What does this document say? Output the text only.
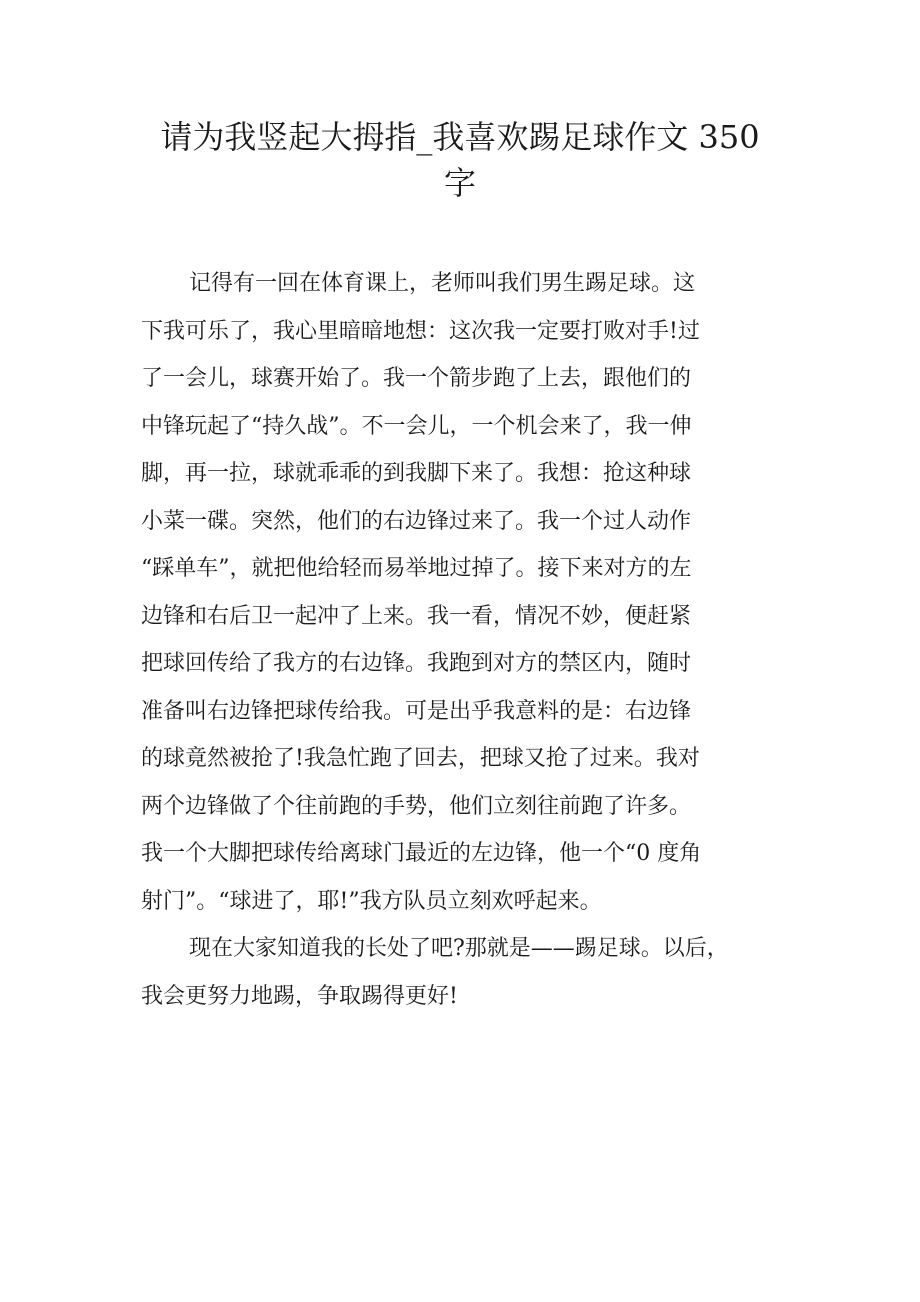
请为我竖起大拇指_我喜欢踢足球作文 350
字
记得有一回在体育课上，老师叫我们男生踢足球。这
下我可乐了，我心里暗暗地想：这次我一定要打败对手!过
了一会儿，球赛开始了。我一个箭步跑了上去，跟他们的
中锋玩起了“持久战”。不一会儿，一个机会来了，我一伸
脚，再一拉，球就乖乖的到我脚下来了。我想：抢这种球
小菜一碟。突然，他们的右边锋过来了。我一个过人动作
“踩单车”，就把他给轻而易举地过掉了。接下来对方的左
边锋和右后卫一起冲了上来。我一看，情况不妙，便赶紧
把球回传给了我方的右边锋。我跑到对方的禁区内，随时
准备叫右边锋把球传给我。可是出乎我意料的是：右边锋
的球竟然被抢了!我急忙跑了回去，把球又抢了过来。我对
两个边锋做了个往前跑的手势，他们立刻往前跑了许多。
我一个大脚把球传给离球门最近的左边锋，他一个“0 度角
射门”。“球进了，耶!”我方队员立刻欢呼起来。
现在大家知道我的长处了吧?那就是——踢足球。以后，
我会更努力地踢，争取踢得更好!
